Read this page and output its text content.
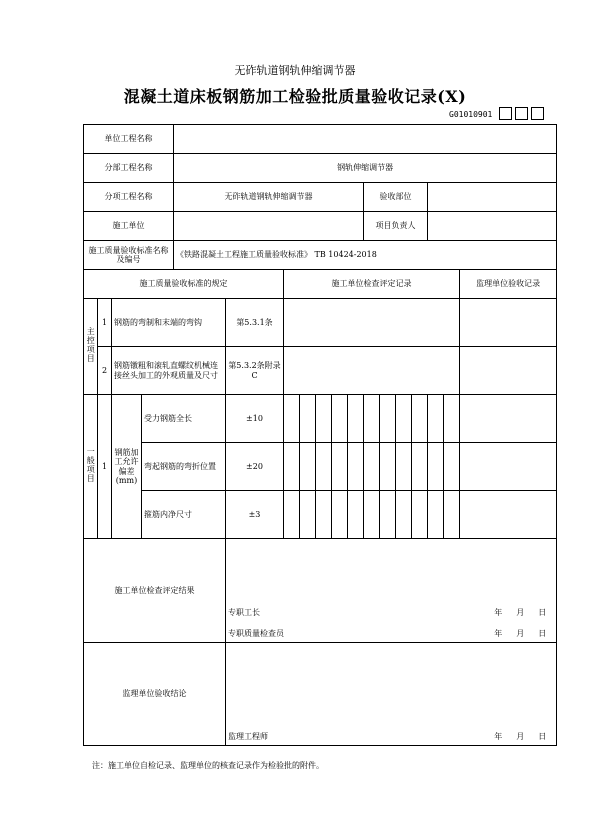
无砟轨道钢轨伸缩调节器
混凝土道床板钢筋加工检验批质量验收记录(X)
G01010901
单位工程名称																	
分部工程名称				钢轨伸缩调节器													
分项工程名称				无砟轨道钢轨伸缩调节器							验收部位						
施工单位											项目负责人						
施工质量验收标准名称及编号				《铁路混凝土工程施工质量验收标准》 TB 10424-2018													
施工质量验收标准的规定						施工单位检查评定记录											监理单位验收记录
主控项目	1	钢筋的弯制和末端的弯钩			第5.3.1条												
	2	钢筋镦粗和滚轧直螺纹机械连接丝头加工的外观质量及尺寸			第5.3.2条附录C												
一般项目	1	钢筋加工允许偏差(mm)	受力钢筋全长		±10												
			弯起钢筋的弯折位置		±20												
			箍筋内净尺寸		±3												
施工单位检查评定结果					专职工长 年 月 日
专职质量检查员 年 月 日												

监理单位验收结论					监理工程师 年 月 日												
注：施工单位自检记录、监理单位的核查记录作为检验批的附件。
